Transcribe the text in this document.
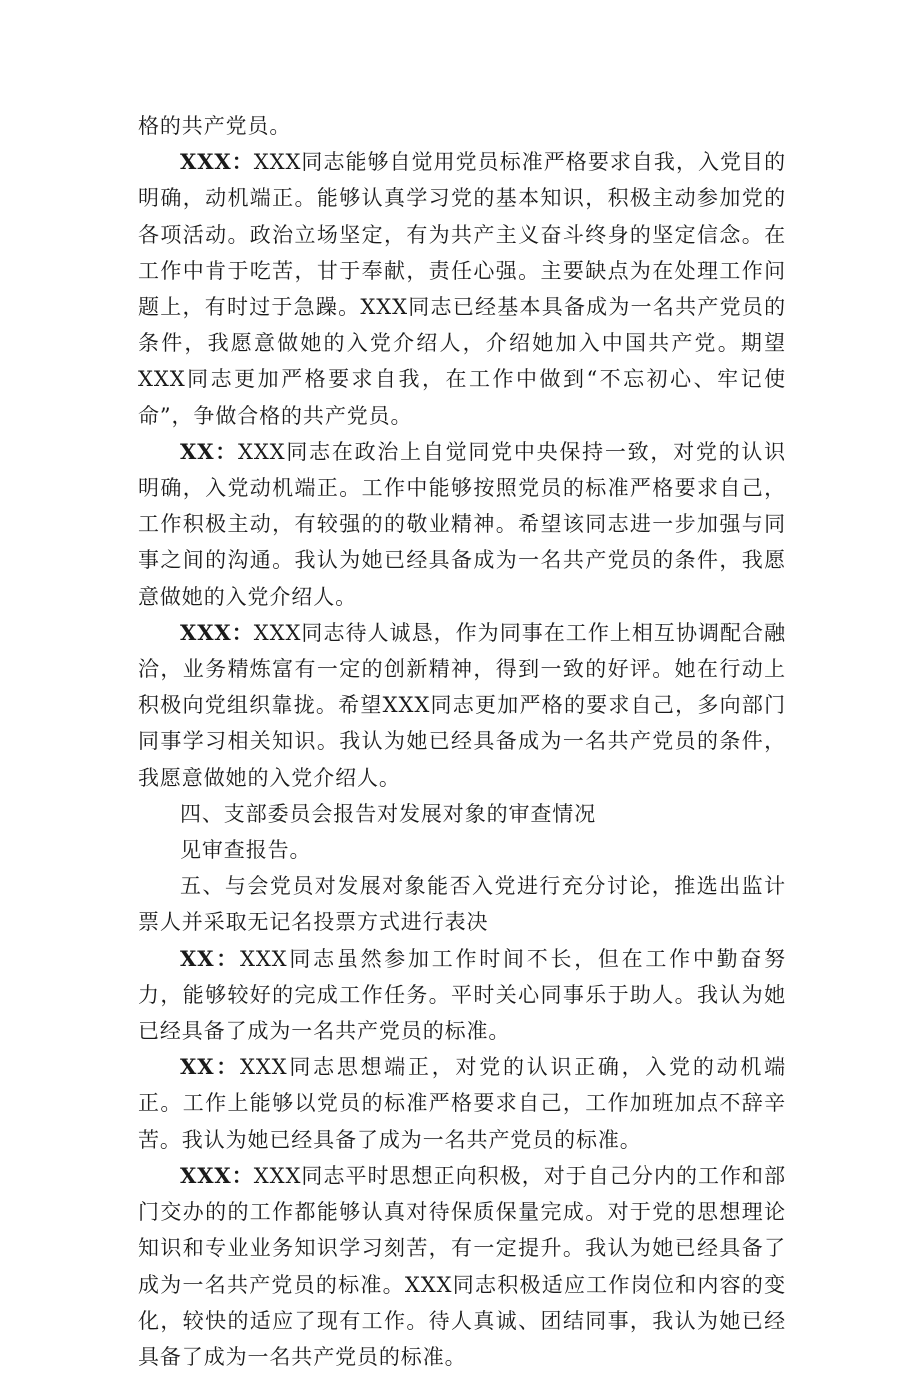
格的共产党员。

XXX：XXX同志能够自觉用党员标准严格要求自我，入党目的明确，动机端正。能够认真学习党的基本知识，积极主动参加党的各项活动。政治立场坚定，有为共产主义奋斗终身的坚定信念。在工作中肯于吃苦，甘于奉献，责任心强。主要缺点为在处理工作问题上，有时过于急躁。XXX同志已经基本具备成为一名共产党员的条件，我愿意做她的入党介绍人，介绍她加入中国共产党。期望XXX同志更加严格要求自我，在工作中做到“不忘初心、牢记使命”，争做合格的共产党员。

XX：XXX同志在政治上自觉同党中央保持一致，对党的认识明确，入党动机端正。工作中能够按照党员的标准严格要求自己，工作积极主动，有较强的的敬业精神。希望该同志进一步加强与同事之间的沟通。我认为她已经具备成为一名共产党员的条件，我愿意做她的入党介绍人。

XXX：XXX同志待人诚恳，作为同事在工作上相互协调配合融洽，业务精炼富有一定的创新精神，得到一致的好评。她在行动上积极向党组织靠拢。希望XXX同志更加严格的要求自己，多向部门同事学习相关知识。我认为她已经具备成为一名共产党员的条件，我愿意做她的入党介绍人。

四、支部委员会报告对发展对象的审查情况

见审查报告。

五、与会党员对发展对象能否入党进行充分讨论，推选出监计票人并采取无记名投票方式进行表决

XX：XXX同志虽然参加工作时间不长，但在工作中勤奋努力，能够较好的完成工作任务。平时关心同事乐于助人。我认为她已经具备了成为一名共产党员的标准。

XX：XXX同志思想端正，对党的认识正确，入党的动机端正。工作上能够以党员的标准严格要求自己，工作加班加点不辞辛苦。我认为她已经具备了成为一名共产党员的标准。

XXX：XXX同志平时思想正向积极，对于自己分内的工作和部门交办的的工作都能够认真对待保质保量完成。对于党的思想理论知识和专业业务知识学习刻苦，有一定提升。我认为她已经具备了成为一名共产党员的标准。XXX同志积极适应工作岗位和内容的变化，较快的适应了现有工作。待人真诚、团结同事，我认为她已经具备了成为一名共产党员的标准。
